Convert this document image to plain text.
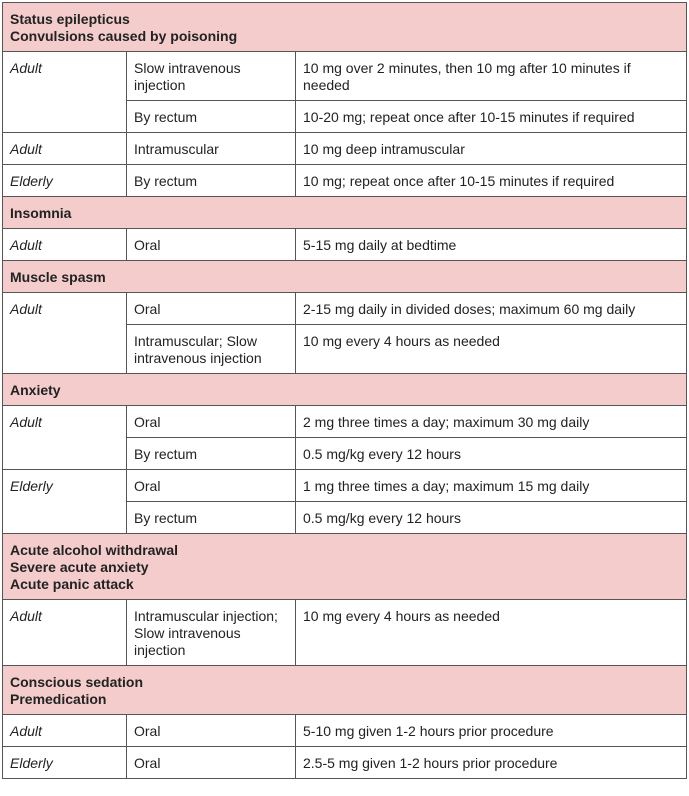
Status epilepticus
Convulsions caused by poisoning		

Adult	Slow intravenous injection	10 mg over 2 minutes, then 10 mg after 10 minutes if needed
	By rectum	10-20 mg; repeat once after 10-15 minutes if required
Adult	Intramuscular	10 mg deep intramuscular
Elderly	By rectum	10 mg; repeat once after 10-15 minutes if required

Insomnia		

Adult	Oral	5-15 mg daily at bedtime

Muscle spasm		

Adult	Oral	2-15 mg daily in divided doses; maximum 60 mg daily
	Intramuscular; Slow intravenous injection	10 mg every 4 hours as needed

Anxiety		

Adult	Oral	2 mg three times a day; maximum 30 mg daily
	By rectum	0.5 mg/kg every 12 hours
Elderly	Oral	1 mg three times a day; maximum 15 mg daily
	By rectum	0.5 mg/kg every 12 hours

Acute alcohol withdrawal
Severe acute anxiety
Acute panic attack		

Adult	Intramuscular injection; Slow intravenous injection	10 mg every 4 hours as needed

Conscious sedation
Premedication		

Adult	Oral	5-10 mg given 1-2 hours prior procedure
Elderly	Oral	2.5-5 mg given 1-2 hours prior procedure
